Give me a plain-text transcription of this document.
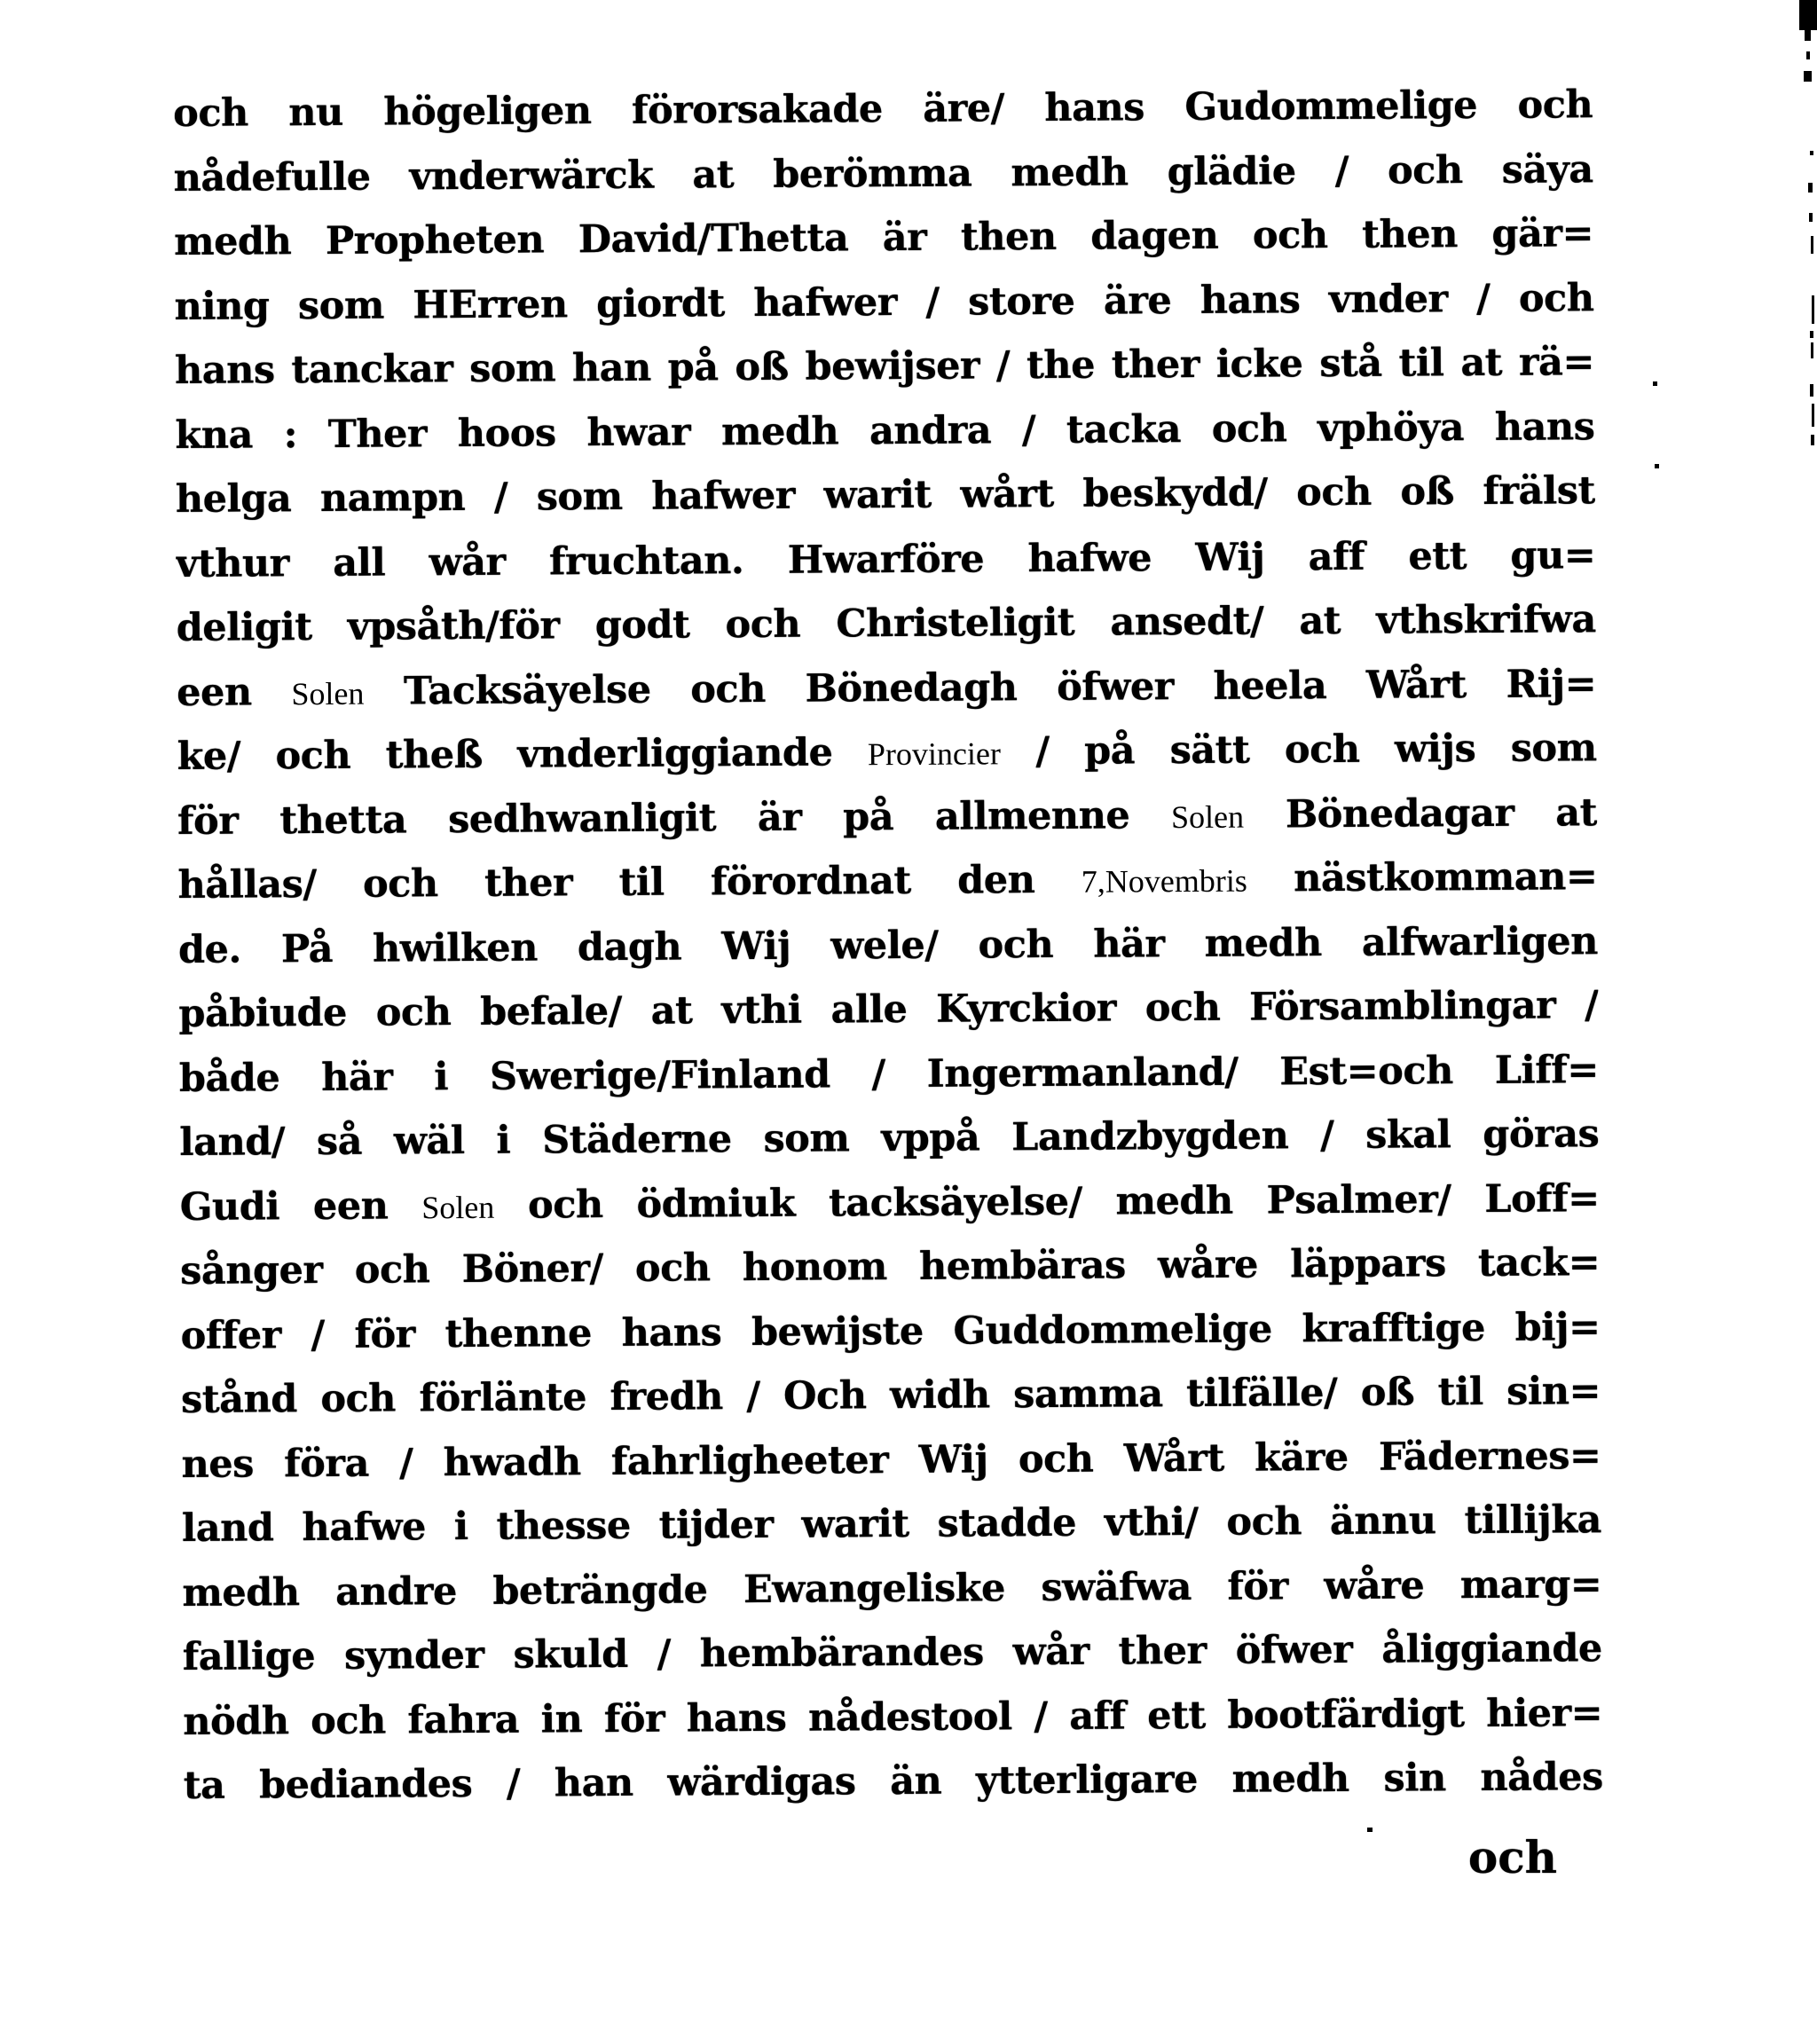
och nu högeligen förorsakade äre/ hans Gudommelige och
nådefulle vnderwärck at berömma medh glädie / och säya
medh Propheten David/Thetta är then dagen och then gär=
ning som HErren giordt hafwer / store äre hans vnder / och
hans tanckar som han på oß bewijser / the ther icke stå til at rä=
kna : Ther hoos hwar medh andra / tacka och vphöya hans
helga nampn / som hafwer warit wårt beskydd/ och oß frälst
vthur all wår fruchtan. Hwarföre hafwe Wij aff ett gu=
deligit vpsåth/för godt och Christeligit ansedt/ at vthskrifwa
een Solen Tacksäyelse och Bönedagh öfwer heela Wårt Rij=
ke/ och theß vnderliggiande Provincier / på sätt och wijs som
för thetta sedhwanligit är på allmenne Solen Bönedagar at
hållas/ och ther til förordnat den 7,Novembris nästkomman=
de. På hwilken dagh Wij wele/ och här medh alfwarligen
påbiude och befale/ at vthi alle Kyrckior och Församblingar /
både här i Swerige/Finland / Ingermanland/ Est=och Liff=
land/ så wäl i Städerne som vppå Landzbygden / skal göras
Gudi een Solen och ödmiuk tacksäyelse/ medh Psalmer/ Loff=
sånger och Böner/ och honom hembäras wåre läppars tack=
offer / för thenne hans bewijste Guddommelige krafftige bij=
stånd och förlänte fredh / Och widh samma tilfälle/ oß til sin=
nes föra / hwadh fahrligheeter Wij och Wårt käre Fädernes=
land hafwe i thesse tijder warit stadde vthi/ och ännu tillijka
medh andre beträngde Ewangeliske swäfwa för wåre marg=
fallige synder skuld / hembärandes wår ther öfwer åliggiande
nödh och fahra in för hans nådestool / aff ett bootfärdigt hier=
ta bediandes / han wärdigas än ytterligare medh sin nådes
och
